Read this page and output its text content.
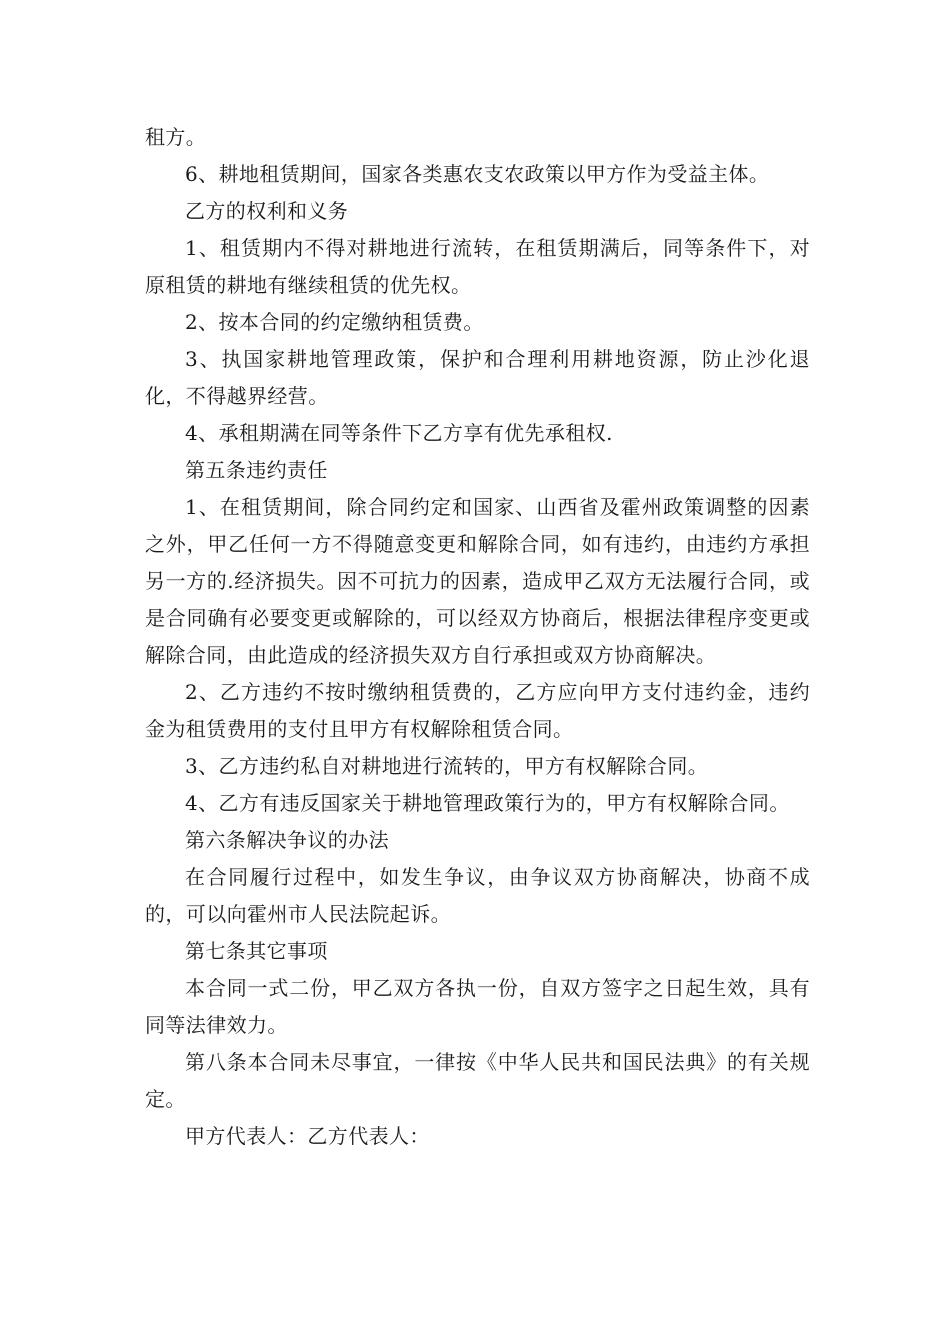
租方。

6、耕地租赁期间，国家各类惠农支农政策以甲方作为受益主体。

乙方的权利和义务

1、租赁期内不得对耕地进行流转，在租赁期满后，同等条件下，对原租赁的耕地有继续租赁的优先权。

2、按本合同的约定缴纳租赁费。

3、执国家耕地管理政策，保护和合理利用耕地资源，防止沙化退化，不得越界经营。

4、承租期满在同等条件下乙方享有优先承租权.

第五条违约责任

1、在租赁期间，除合同约定和国家、山西省及霍州政策调整的因素之外，甲乙任何一方不得随意变更和解除合同，如有违约，由违约方承担另一方的.经济损失。因不可抗力的因素，造成甲乙双方无法履行合同，或是合同确有必要变更或解除的，可以经双方协商后，根据法律程序变更或解除合同，由此造成的经济损失双方自行承担或双方协商解决。

2、乙方违约不按时缴纳租赁费的，乙方应向甲方支付违约金，违约金为租赁费用的支付且甲方有权解除租赁合同。

3、乙方违约私自对耕地进行流转的，甲方有权解除合同。

4、乙方有违反国家关于耕地管理政策行为的，甲方有权解除合同。

第六条解决争议的办法

在合同履行过程中，如发生争议，由争议双方协商解决，协商不成的，可以向霍州市人民法院起诉。

第七条其它事项

本合同一式二份，甲乙双方各执一份，自双方签字之日起生效，具有同等法律效力。

第八条本合同未尽事宜，一律按《中华人民共和国民法典》的有关规定。

甲方代表人：乙方代表人：
